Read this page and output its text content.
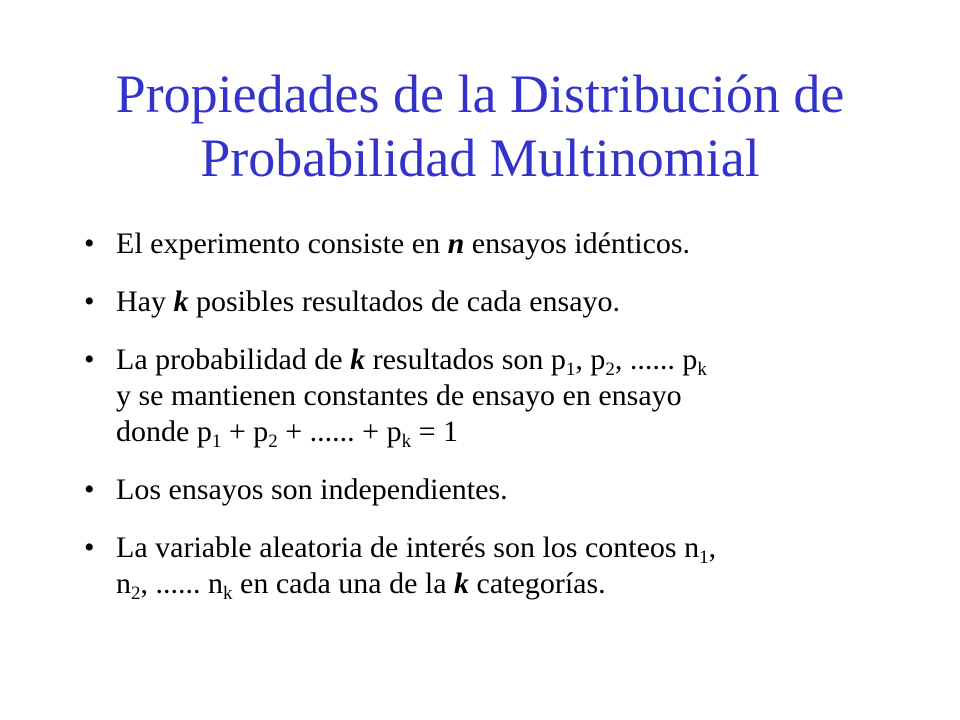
Propiedades de la Distribución de
Probabilidad Multinomial
• El experimento consiste en n ensayos idénticos.
• Hay k posibles resultados de cada ensayo.
• La probabilidad de k resultados son $p_1$, $p_2$, ...... $p_k$
y se mantienen constantes de ensayo en ensayo
donde $p_1 + p_2$ + ...... + $p_k = 1$
• Los ensayos son independientes.
• La variable aleatoria de interés son los conteos $n_1$,
$n_2$, ...... $n_k$ en cada una de la k categorías.
